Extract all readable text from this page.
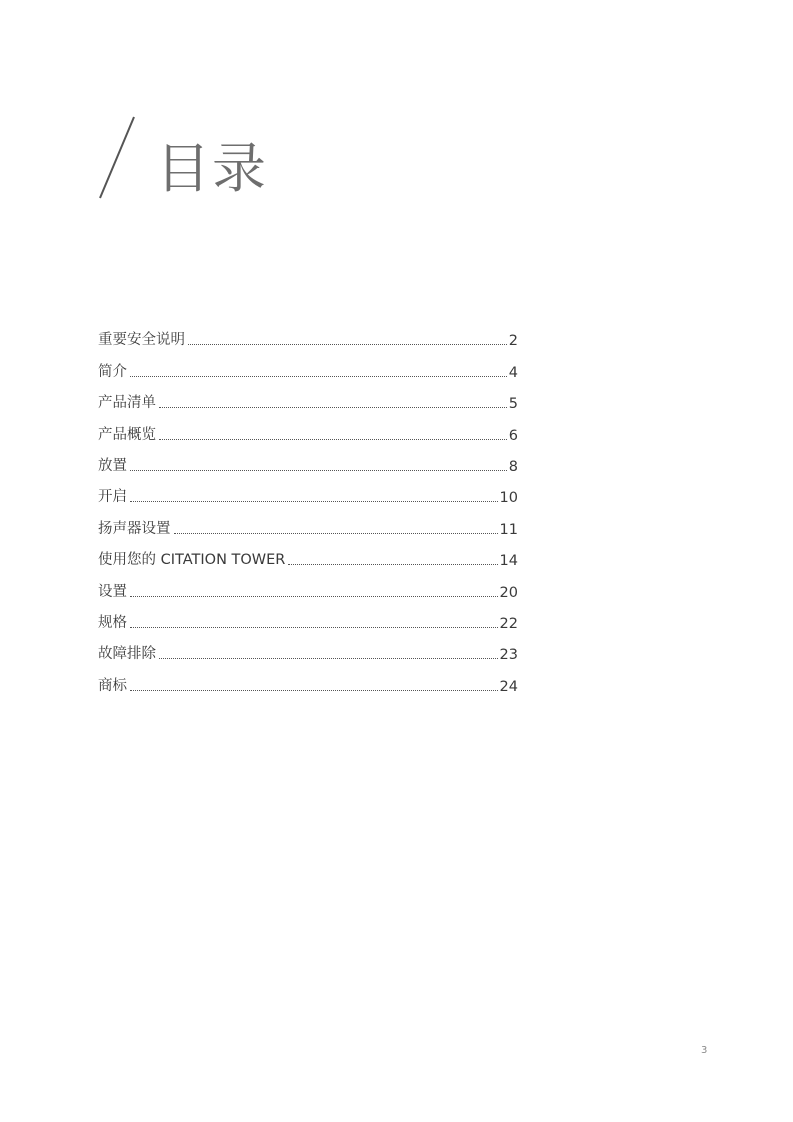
目录
重要安全说明	2
简介	4
产品清单	5
产品概览	6
放置	8
开启	10
扬声器设置	11
使用您的 CITATION TOWER	14
设置	20
规格	22
故障排除	23
商标	24
3
